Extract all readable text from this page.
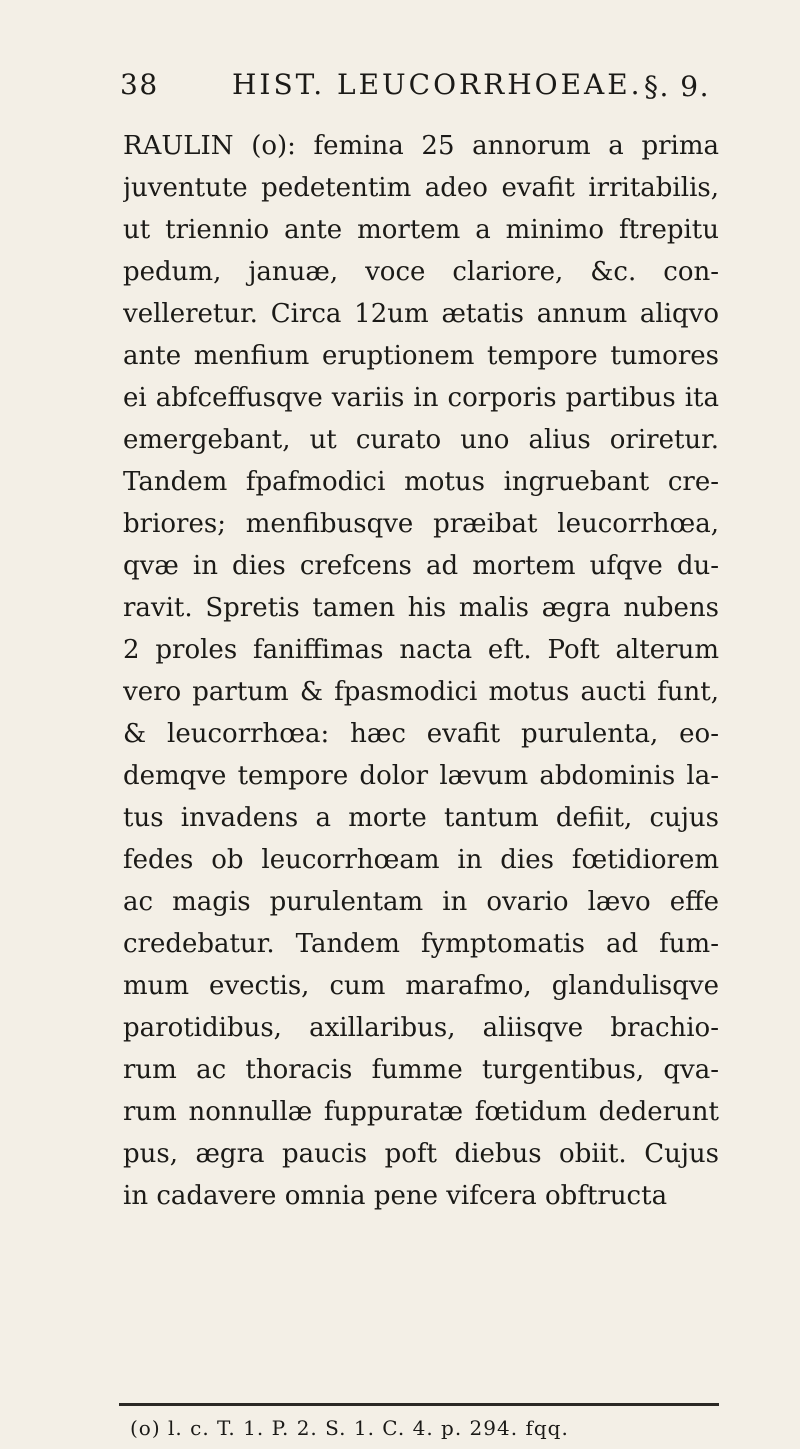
38	HIST. LEUCORRHOEAE. §. 9.
RAULIN (o): femina 25 annorum a prima
juventute pedetentim adeo evafit irritabilis,
ut triennio ante mortem a minimo ftrepitu
pedum, januæ, voce clariore, &c. con-
velleretur. Circa 12um ætatis annum aliqvo
ante menfium eruptionem tempore tumores
ei abfceffusqve variis in corporis partibus ita
emergebant, ut curato uno alius oriretur.
Tandem fpafmodici motus ingruebant cre-
briores; menfibusqve præibat leucorrhœa,
qvæ in dies crefcens ad mortem ufqve du-
ravit. Spretis tamen his malis ægra nubens
2 proles faniffimas nacta eft. Poft alterum
vero partum & fpasmodici motus aucti funt,
& leucorrhœa: hæc evafit purulenta, eo-
demqve tempore dolor lævum abdominis la-
tus invadens a morte tantum defiit, cujus
fedes ob leucorrhœam in dies fœtidiorem
ac magis purulentam in ovario lævo effe
credebatur. Tandem fymptomatis ad fum-
mum evectis, cum marafmo, glandulisqve
parotidibus, axillaribus, aliisqve brachio-
rum ac thoracis fumme turgentibus, qva-
rum nonnullæ fuppuratæ fœtidum dederunt
pus, ægra paucis poft diebus obiit. Cujus
in cadavere omnia pene vifcera obftructa
(o) l. c. T. 1. P. 2. S. 1. C. 4. p. 294. fqq.
